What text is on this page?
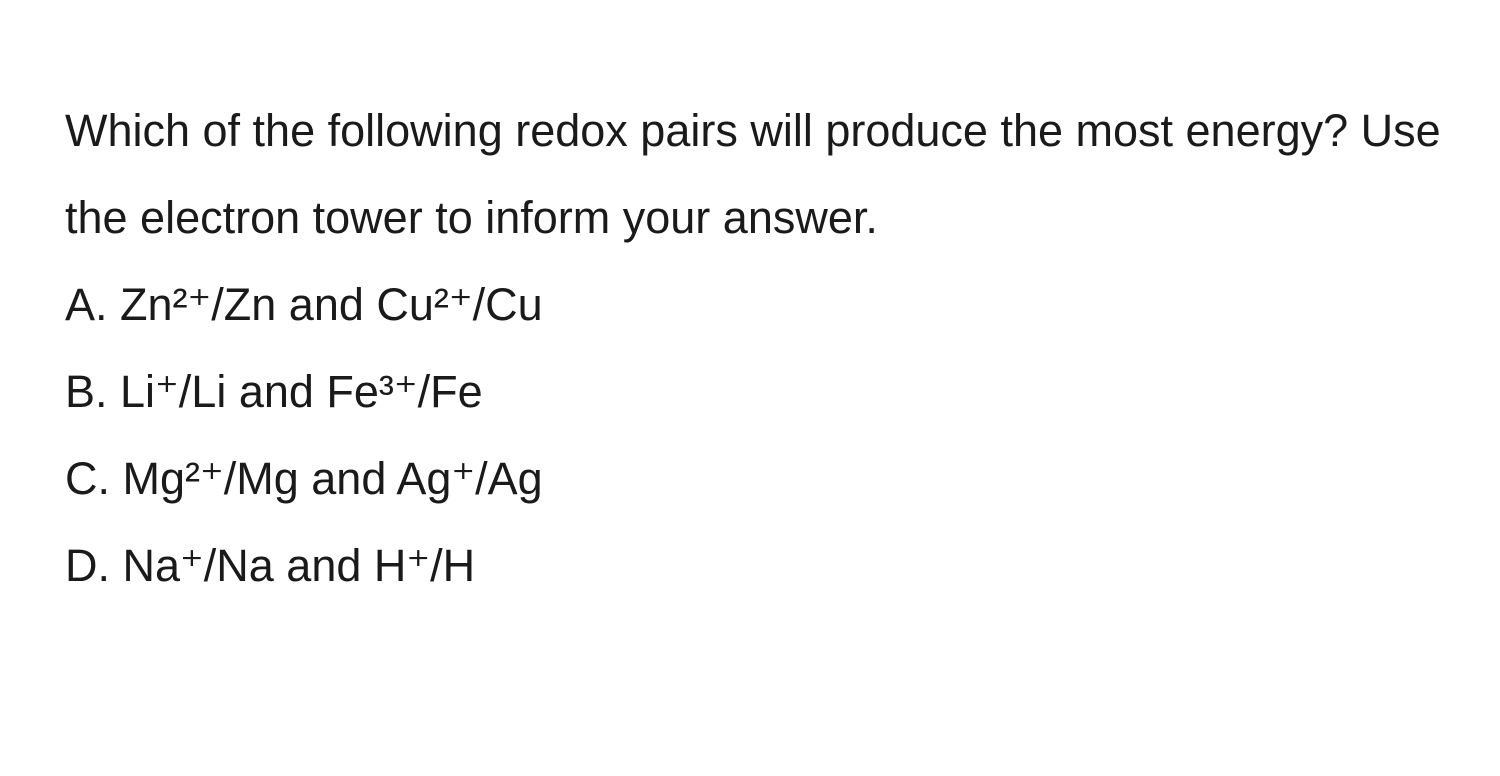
Which of the following redox pairs will produce the most energy? Use the electron tower to inform your answer.

A. Zn²⁺/Zn and Cu²⁺/Cu
B. Li⁺/Li and Fe³⁺/Fe
C. Mg²⁺/Mg and Ag⁺/Ag
D. Na⁺/Na and H⁺/H
